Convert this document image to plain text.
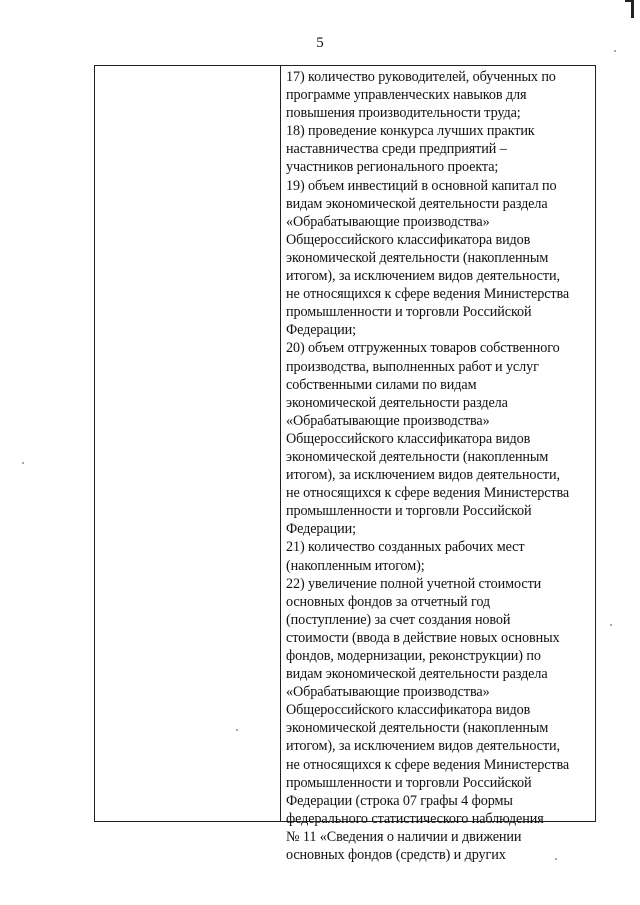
5
17) количество руководителей, обученных по
программе управленческих навыков для
повышения производительности труда;
18) проведение конкурса лучших практик
наставничества среди предприятий –
участников регионального проекта;
19) объем инвестиций в основной капитал по
видам экономической деятельности раздела
«Обрабатывающие производства»
Общероссийского классификатора видов
экономической деятельности (накопленным
итогом), за исключением видов деятельности,
не относящихся к сфере ведения Министерства
промышленности и торговли Российской
Федерации;
20) объем отгруженных товаров собственного
производства, выполненных работ и услуг
собственными силами по видам
экономической деятельности раздела
«Обрабатывающие производства»
Общероссийского классификатора видов
экономической деятельности (накопленным
итогом), за исключением видов деятельности,
не относящихся к сфере ведения Министерства
промышленности и торговли Российской
Федерации;
21) количество созданных рабочих мест
(накопленным итогом);
22) увеличение полной учетной стоимости
основных фондов за отчетный год
(поступление) за счет создания новой
стоимости (ввода в действие новых основных
фондов, модернизации, реконструкции) по
видам экономической деятельности раздела
«Обрабатывающие производства»
Общероссийского классификатора видов
экономической деятельности (накопленным
итогом), за исключением видов деятельности,
не относящихся к сфере ведения Министерства
промышленности и торговли Российской
Федерации (строка 07 графы 4 формы
федерального статистического наблюдения
№ 11 «Сведения о наличии и движении
основных фондов (средств) и других
